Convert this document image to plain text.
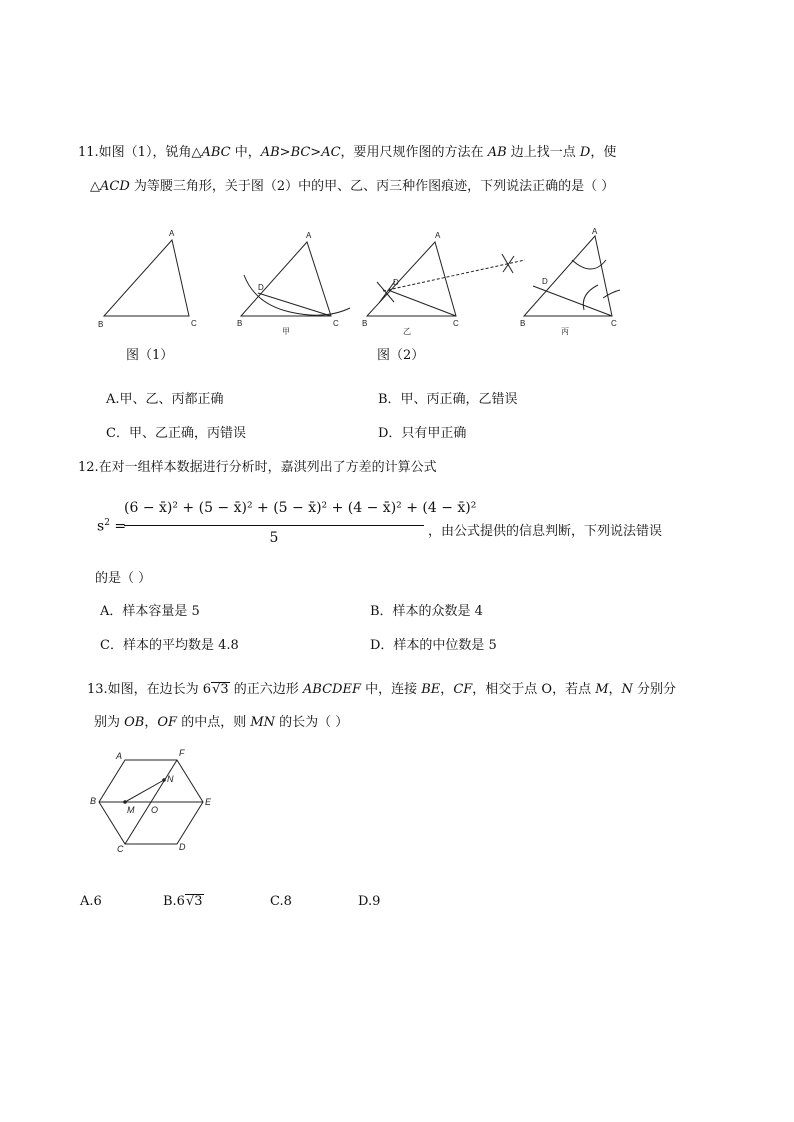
11.如图（1），锐角△ABC 中，AB>BC>AC，要用尺规作图的方法在 AB 边上找一点 D，使
△ACD 为等腰三角形，关于图（2）中的甲、乙、丙三种作图痕迹，下列说法正确的是（ ）
A
B	C
A
D
B	C
甲
A
D
B	C
乙
A
D
B	C
丙
图（1）	图（2）
A.甲、乙、丙都正确	B．甲、丙正确，乙错误
C．甲、乙正确，丙错误	D．只有甲正确
12.在对一组样本数据进行分析时，嘉淇列出了方差的计算公式
$s^2$ =
(6 − x̄)² + (5 − x̄)² + (5 − x̄)² + (4 − x̄)² + (4 − x̄)²
5	，由公式提供的信息判断，下列说法错误
的是（ ）
A．样本容量是 5	B．样本的众数是 4
C．样本的平均数是 4.8	D．样本的中位数是 5
13.如图，在边长为 6√3 的正六边形 ABCDEF 中，连接 BE，CF，相交于点 O，若点 M，N 分别分
别为 OB，OF 的中点，则 MN 的长为（ ）
A	F
B	E
C	D
N
M O
A.6	B.6√3	C.8	D.9
